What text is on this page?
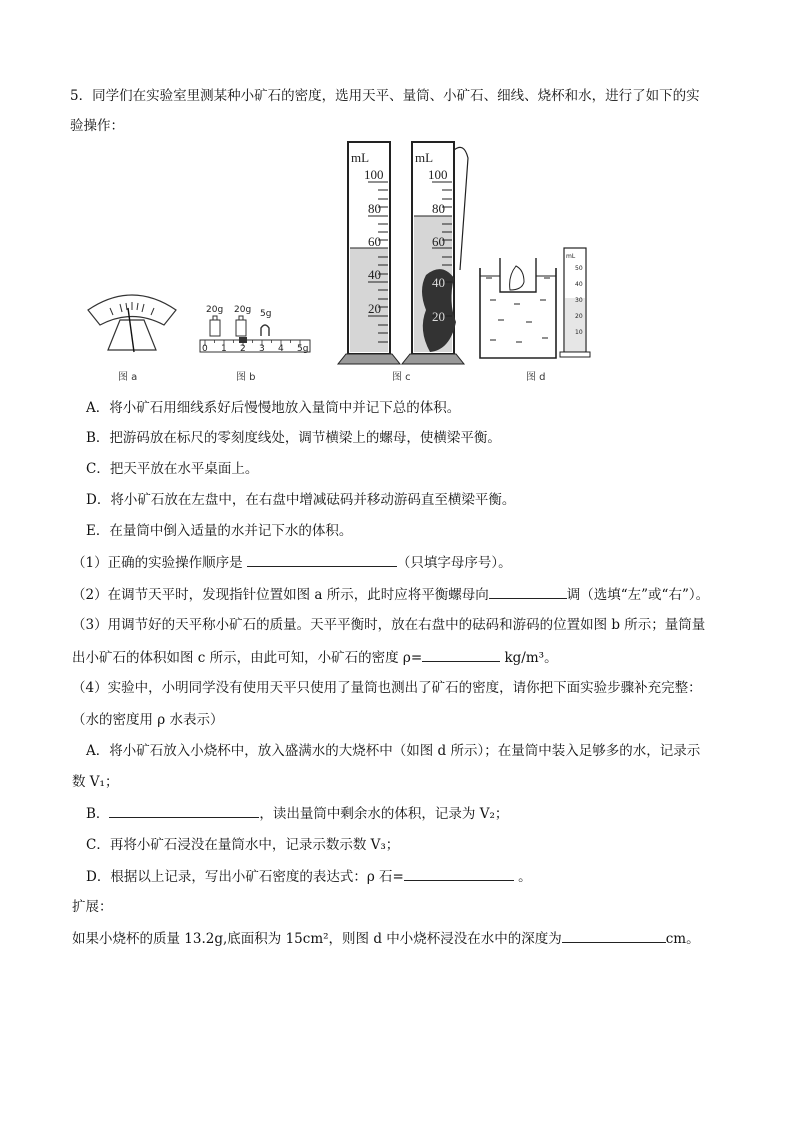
5．同学们在实验室里测某种小矿石的密度，选用天平、量筒、小矿石、细线、烧杯和水，进行了如下的实
验操作：
图 a
20g 20g 5g
0 1 2 3 4 5g
图 b
mL
100
80
60
40
20
mL
100
80
60
40
20
图 c
mL
50
40
30
20
10
图 d
A．将小矿石用细线系好后慢慢地放入量筒中并记下总的体积。
B．把游码放在标尺的零刻度线处，调节横梁上的螺母，使横梁平衡。
C．把天平放在水平桌面上。
D．将小矿石放在左盘中，在右盘中增减砝码并移动游码直至横梁平衡。
E．在量筒中倒入适量的水并记下水的体积。
（1）正确的实验操作顺序是	（只填字母序号）。
（2）在调节天平时，发现指针位置如图 a 所示，此时应将平衡螺母向	调（选填“左”或“右”）。
（3）用调节好的天平称小矿石的质量。天平平衡时，放在右盘中的砝码和游码的位置如图 b 所示；量筒量
出小矿石的体积如图 c 所示，由此可知，小矿石的密度 ρ=	kg/m³。
（4）实验中，小明同学没有使用天平只使用了量筒也测出了矿石的密度，请你把下面实验步骤补充完整：
（水的密度用 ρ 水表示）
A．将小矿石放入小烧杯中，放入盛满水的大烧杯中（如图 d 所示）；在量筒中装入足够多的水，记录示
数 V₁；
B．	，读出量筒中剩余水的体积，记录为 V₂；
C．再将小矿石浸没在量筒水中，记录示数示数 V₃；
D．根据以上记录，写出小矿石密度的表达式：ρ 石=	。
扩展：
如果小烧杯的质量 13.2g,底面积为 15cm²，则图 d 中小烧杯浸没在水中的深度为	cm。
